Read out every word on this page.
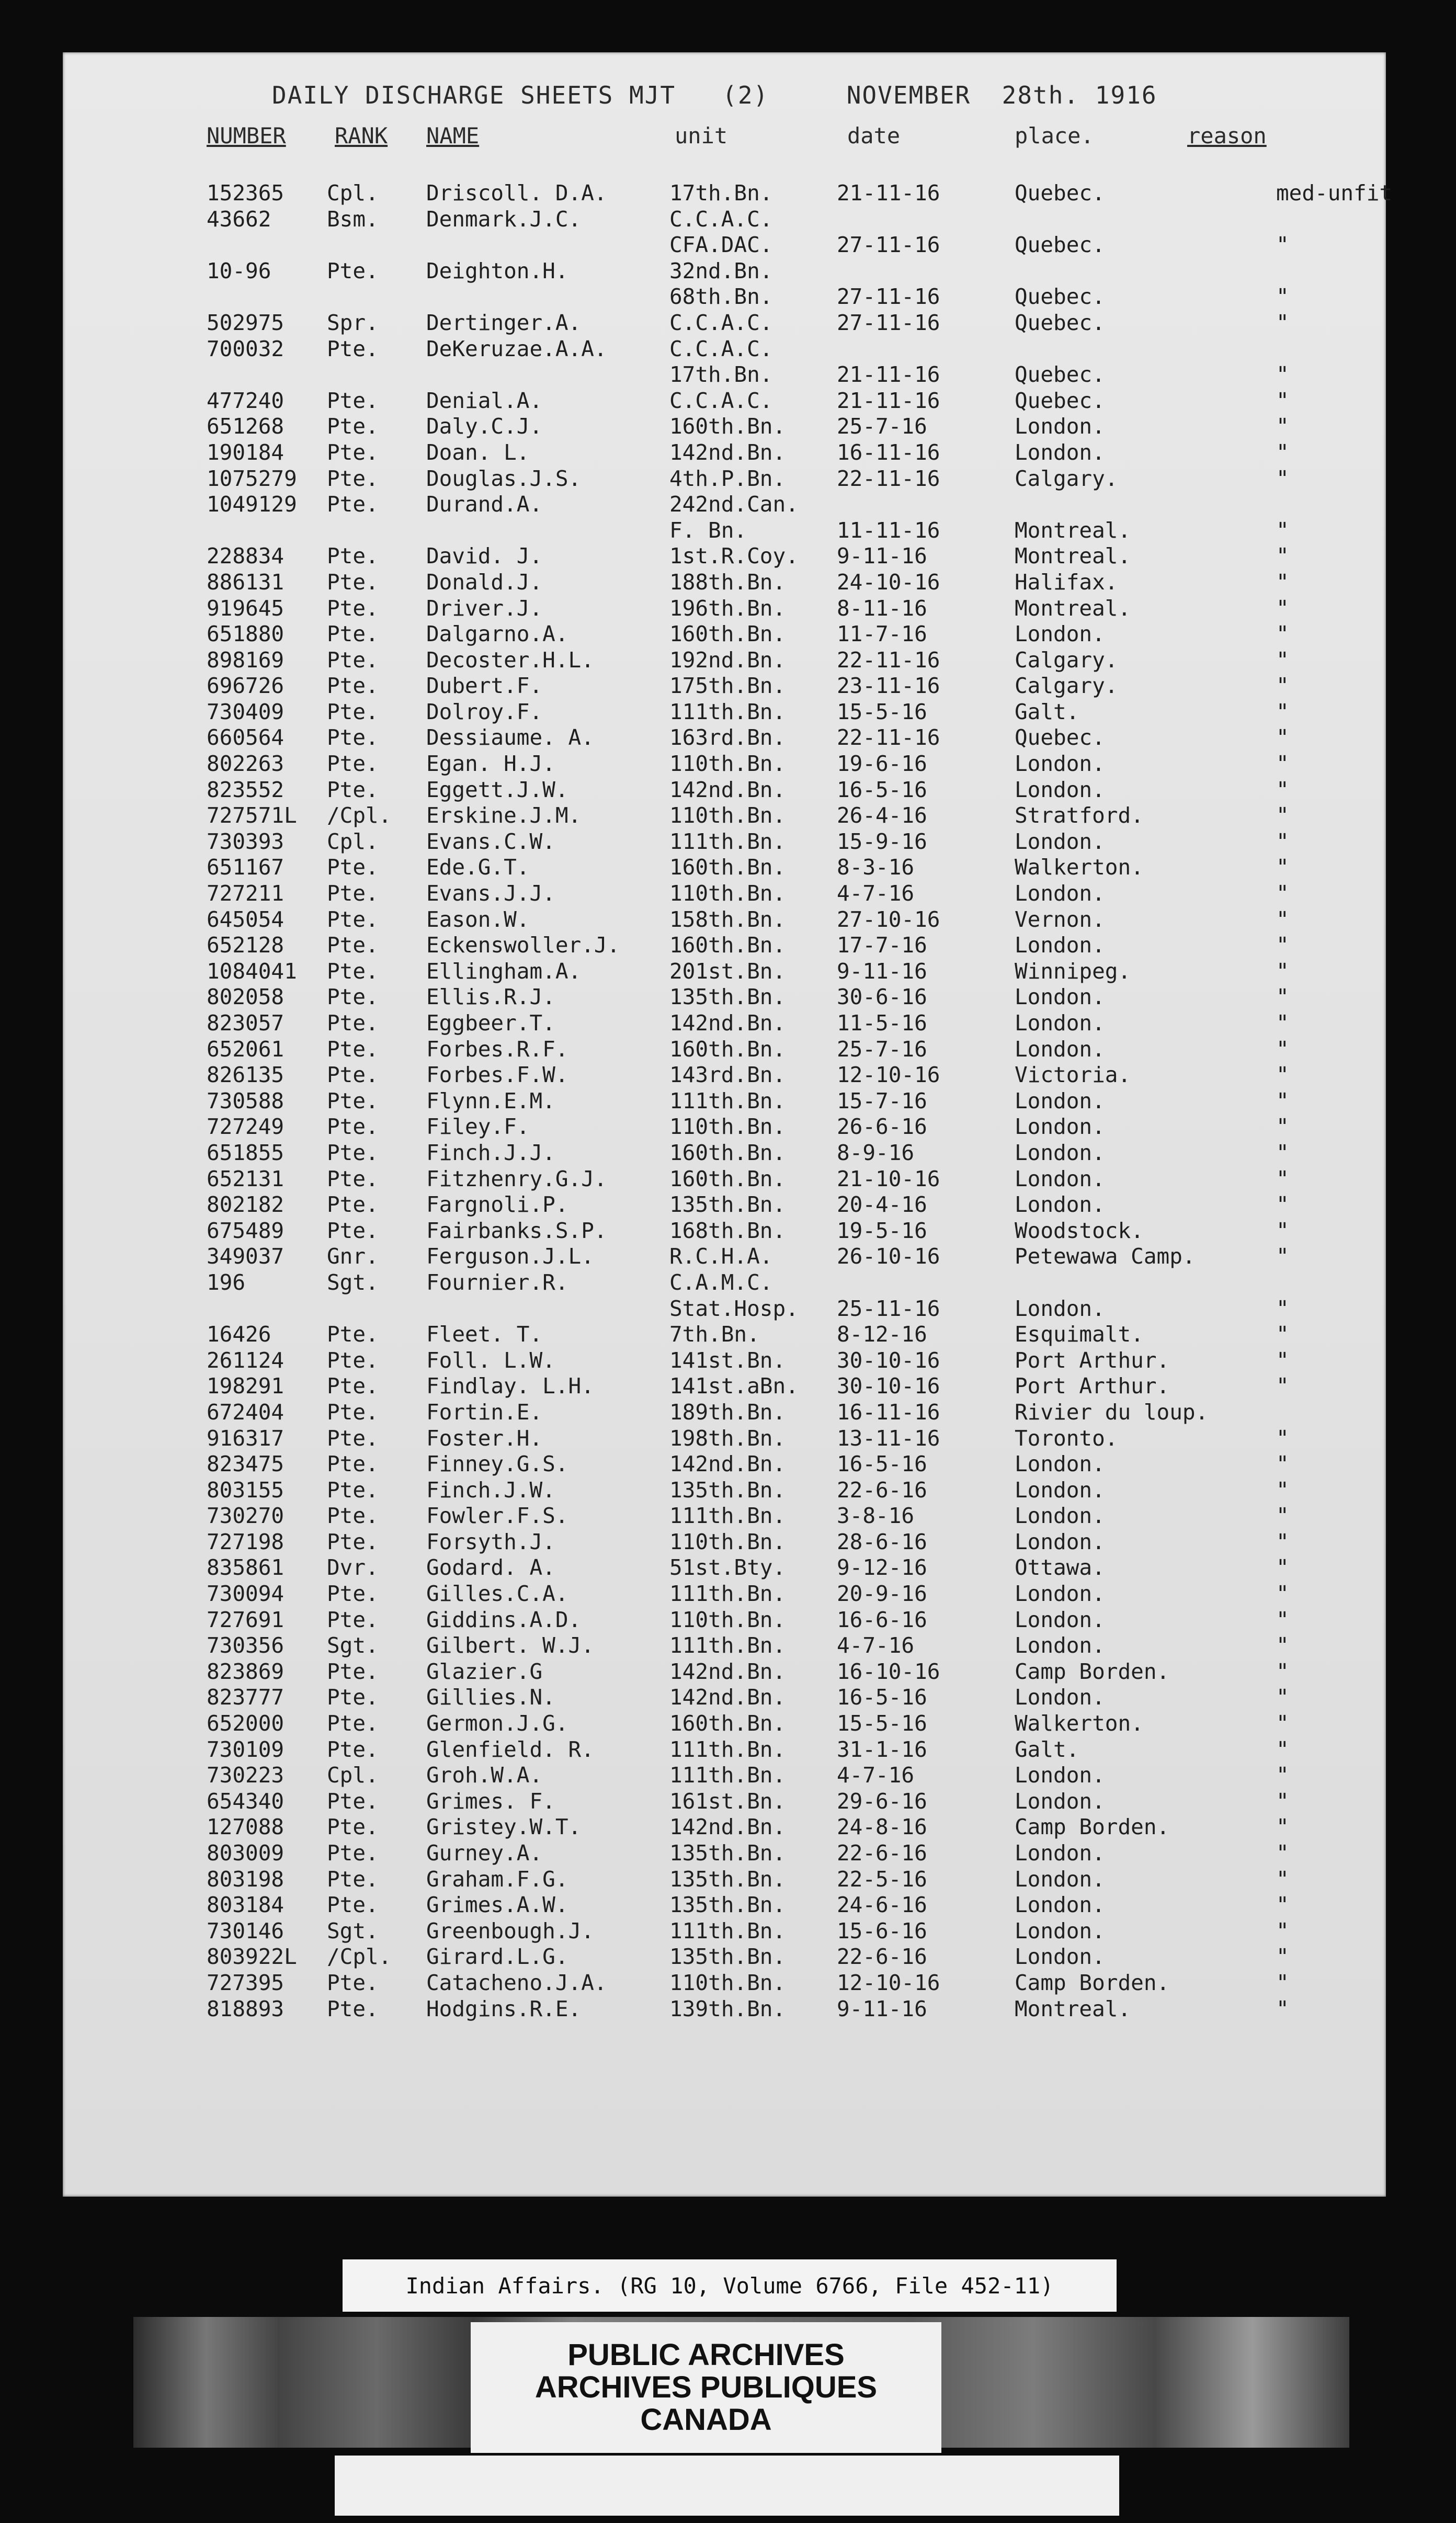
DAILY DISCHARGE SHEETS MJT   (2)     NOVEMBER  28th. 1916
NUMBER RANK NAME	unit	date	place.	reason
152365 Cpl. Driscoll. D.A.	17th.Bn.	21-11-16	Quebec.	med-unfit
43662	Bsm. Denmark.J.C.	C.C.A.C.
CFA.DAC.	27-11-16	Quebec.	"
10-96	Pte. Deighton.H.	32nd.Bn.
68th.Bn.	27-11-16	Quebec.	"
502975 Spr. Dertinger.A.	C.C.A.C.	27-11-16	Quebec.	"
700032 Pte. DeKeruzae.A.A.	C.C.A.C.
17th.Bn.	21-11-16	Quebec.	"
477240 Pte. Denial.A.	C.C.A.C.	21-11-16	Quebec.	"
651268 Pte. Daly.C.J.	160th.Bn. 25-7-16	London.	"
190184 Pte. Doan. L.	142nd.Bn. 16-11-16	London.	"
1075279 Pte. Douglas.J.S.	4th.P.Bn. 22-11-16	Calgary.	"
1049129 Pte. Durand.A.	242nd.Can.
F. Bn.	11-11-16	Montreal.	"
228834 Pte. David. J.	1st.R.Coy. 9-11-16	Montreal.	"
886131 Pte. Donald.J.	188th.Bn. 24-10-16	Halifax.	"
919645 Pte. Driver.J.	196th.Bn. 8-11-16	Montreal.	"
651880 Pte. Dalgarno.A.	160th.Bn. 11-7-16	London.	"
898169 Pte. Decoster.H.L.	192nd.Bn. 22-11-16	Calgary.	"
696726 Pte. Dubert.F.	175th.Bn. 23-11-16	Calgary.	"
730409 Pte. Dolroy.F.	111th.Bn. 15-5-16	Galt.	"
660564 Pte. Dessiaume. A.	163rd.Bn. 22-11-16	Quebec.	"
802263 Pte. Egan. H.J.	110th.Bn. 19-6-16	London.	"
823552 Pte. Eggett.J.W.	142nd.Bn. 16-5-16	London.	"
727571L /Cpl. Erskine.J.M.	110th.Bn. 26-4-16	Stratford.	"
730393 Cpl. Evans.C.W.	111th.Bn. 15-9-16	London.	"
651167 Pte. Ede.G.T.	160th.Bn. 8-3-16	Walkerton.	"
727211 Pte. Evans.J.J.	110th.Bn. 4-7-16	London.	"
645054 Pte. Eason.W.	158th.Bn. 27-10-16	Vernon.	"
652128 Pte. Eckenswoller.J. 160th.Bn. 17-7-16	London.	"
1084041 Pte. Ellingham.A.	201st.Bn. 9-11-16	Winnipeg.	"
802058 Pte. Ellis.R.J.	135th.Bn. 30-6-16	London.	"
823057 Pte. Eggbeer.T.	142nd.Bn. 11-5-16	London.	"
652061 Pte. Forbes.R.F.	160th.Bn. 25-7-16	London.	"
826135 Pte. Forbes.F.W.	143rd.Bn. 12-10-16	Victoria.	"
730588 Pte. Flynn.E.M.	111th.Bn. 15-7-16	London.	"
727249 Pte. Filey.F.	110th.Bn. 26-6-16	London.	"
651855 Pte. Finch.J.J.	160th.Bn. 8-9-16	London.	"
652131 Pte. Fitzhenry.G.J.	160th.Bn. 21-10-16	London.	"
802182 Pte. Fargnoli.P.	135th.Bn. 20-4-16	London.	"
675489 Pte. Fairbanks.S.P.	168th.Bn. 19-5-16	Woodstock.	"
349037 Gnr. Ferguson.J.L.	R.C.H.A.	26-10-16	Petewawa Camp.	"
196	Sgt. Fournier.R.	C.A.M.C.
Stat.Hosp. 25-11-16	London.	"
16426	Pte. Fleet. T.	7th.Bn.	8-12-16	Esquimalt.	"
261124 Pte. Foll. L.W.	141st.Bn. 30-10-16	Port Arthur.	"
198291 Pte. Findlay. L.H.	141st.aBn. 30-10-16	Port Arthur.	"
672404 Pte. Fortin.E.	189th.Bn. 16-11-16	Rivier du loup.
916317 Pte. Foster.H.	198th.Bn. 13-11-16	Toronto.	"
823475 Pte. Finney.G.S.	142nd.Bn. 16-5-16	London.	"
803155 Pte. Finch.J.W.	135th.Bn. 22-6-16	London.	"
730270 Pte. Fowler.F.S.	111th.Bn. 3-8-16	London.	"
727198 Pte. Forsyth.J.	110th.Bn. 28-6-16	London.	"
835861 Dvr. Godard. A.	51st.Bty. 9-12-16	Ottawa.	"
730094 Pte. Gilles.C.A.	111th.Bn. 20-9-16	London.	"
727691 Pte. Giddins.A.D.	110th.Bn. 16-6-16	London.	"
730356 Sgt. Gilbert. W.J.	111th.Bn. 4-7-16	London.	"
823869 Pte. Glazier.G	142nd.Bn. 16-10-16	Camp Borden.	"
823777 Pte. Gillies.N.	142nd.Bn. 16-5-16	London.	"
652000 Pte. Germon.J.G.	160th.Bn. 15-5-16	Walkerton.	"
730109 Pte. Glenfield. R.	111th.Bn. 31-1-16	Galt.	"
730223 Cpl. Groh.W.A.	111th.Bn. 4-7-16	London.	"
654340 Pte. Grimes. F.	161st.Bn. 29-6-16	London.	"
127088 Pte. Gristey.W.T.	142nd.Bn. 24-8-16	Camp Borden.	"
803009 Pte. Gurney.A.	135th.Bn. 22-6-16	London.	"
803198 Pte. Graham.F.G.	135th.Bn. 22-5-16	London.	"
803184 Pte. Grimes.A.W.	135th.Bn. 24-6-16	London.	"
730146 Sgt. Greenbough.J.	111th.Bn. 15-6-16	London.	"
803922L /Cpl. Girard.L.G.	135th.Bn. 22-6-16	London.	"
727395 Pte. Catacheno.J.A.	110th.Bn. 12-10-16	Camp Borden.	"
818893 Pte. Hodgins.R.E.	139th.Bn. 9-11-16	Montreal.	"
Indian Affairs. (RG 10, Volume 6766, File 452-11)
PUBLIC ARCHIVES
ARCHIVES PUBLIQUES
CANADA
